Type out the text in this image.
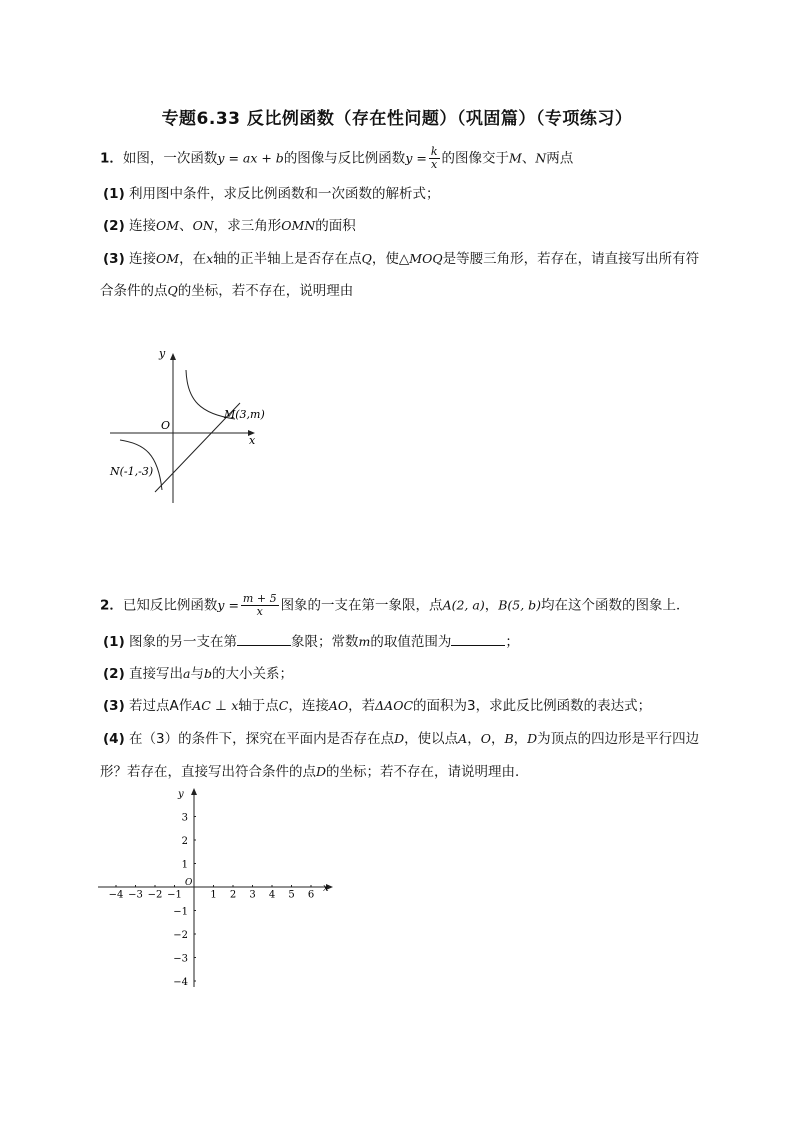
专题6.33 反比例函数（存在性问题）（巩固篇）（专项练习）
1．如图，一次函数y = ax + b的图像与反比例函数$y = \frac{k}{x}$ 的图像交于M、N两点
(1) 利用图中条件，求反比例函数和一次函数的解析式；
(2) 连接OM、ON，求三角形OMN的面积
(3) 连接OM，在x轴的正半轴上是否存在点Q，使△MOQ是等腰三角形，若存在，请直接写出所有符
合条件的点Q的坐标，若不存在，说明理由
y
x
O
M(3,m)
N(-1,-3)
2．已知反比例函数$y = \frac{m + 5}{x}$ 图象的一支在第一象限，点A(2, a)，B(5, b)均在这个函数的图象上．
(1) 图象的另一支在第	象限；常数m的取值范围为	；
(2) 直接写出a与b的大小关系；
(3) 若过点A作AC ⊥ x轴于点C，连接AO，若ΔAOC的面积为3，求此反比例函数的表达式；
(4) 在（3）的条件下，探究在平面内是否存在点D，使以点A，O，B，D为顶点的四边形是平行四边
形？若存在，直接写出符合条件的点D的坐标；若不存在，请说明理由．
y
x
O
−4 −3 −2 −1	1 2 3 4 5 6
3
2
1
−1
−2
−3
−4
